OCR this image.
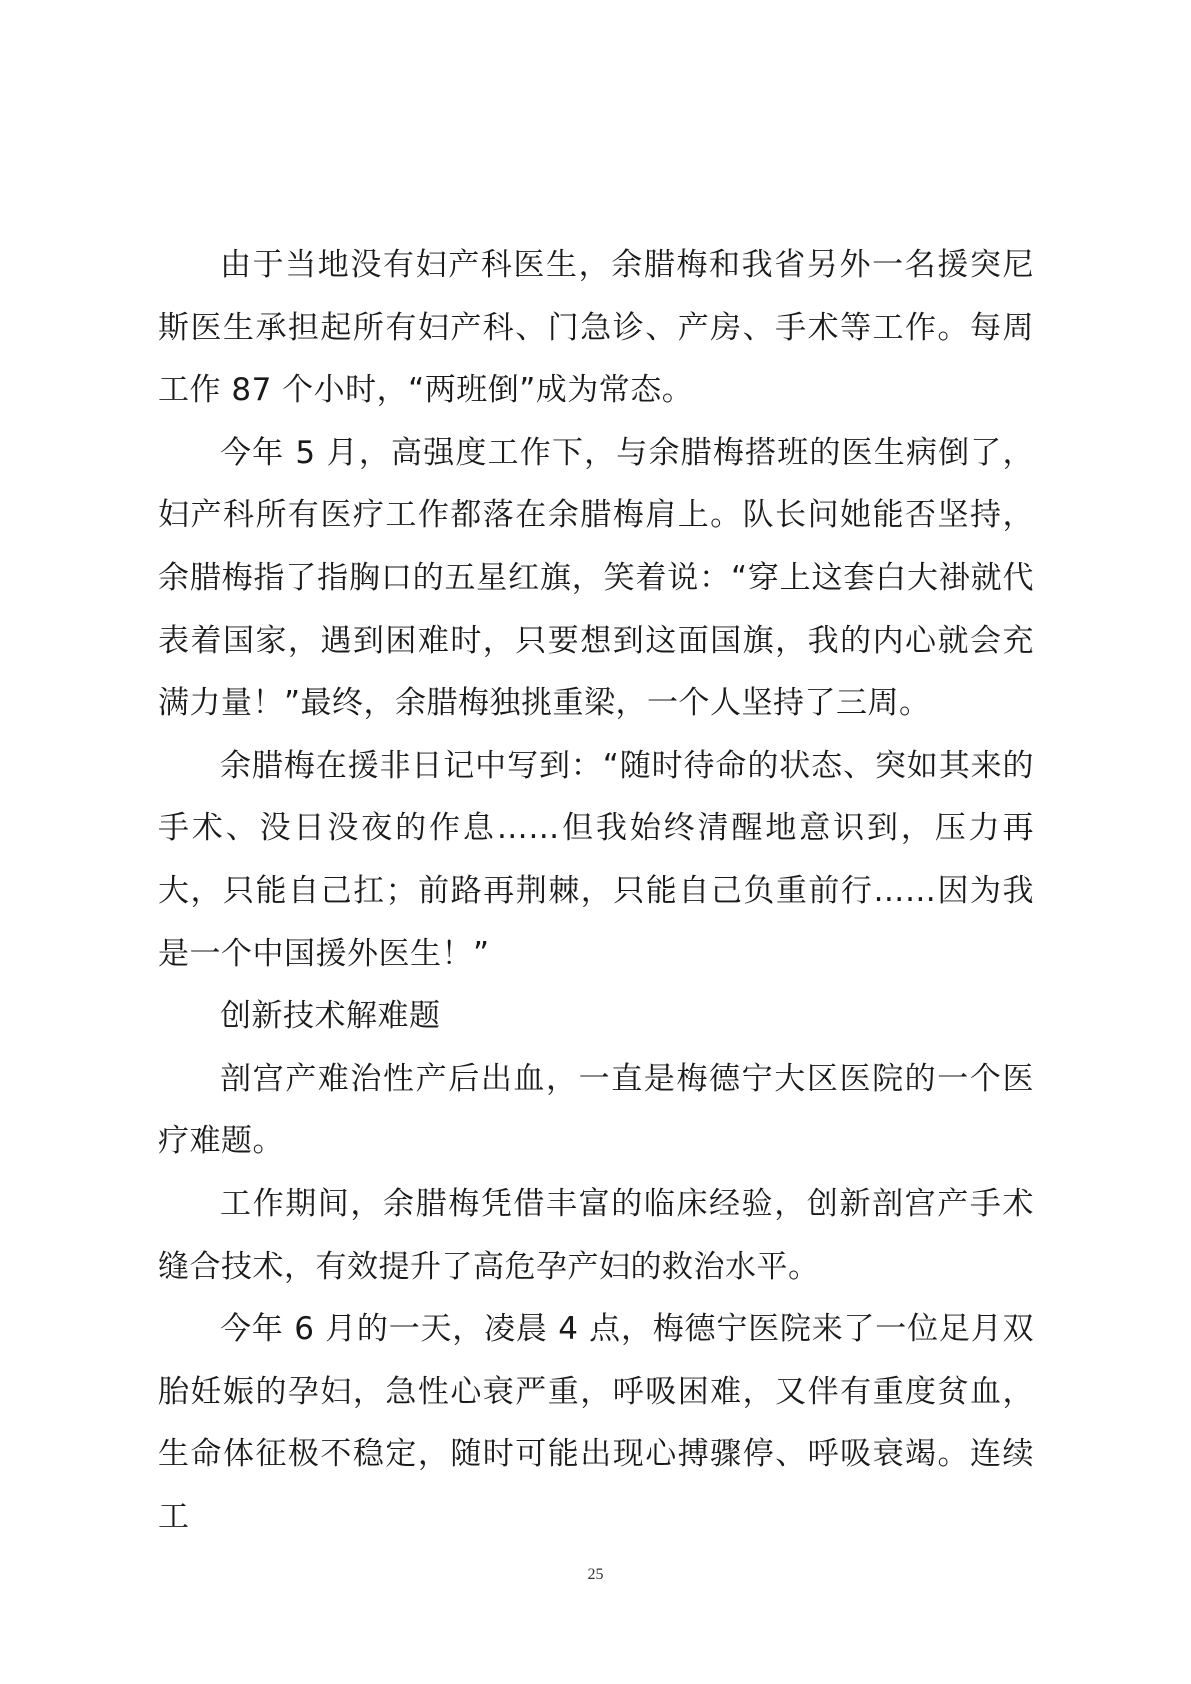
由于当地没有妇产科医生，余腊梅和我省另外一名援突尼斯医生承担起所有妇产科、门急诊、产房、手术等工作。每周工作 87 个小时，“两班倒”成为常态。

今年 5 月，高强度工作下，与余腊梅搭班的医生病倒了，妇产科所有医疗工作都落在余腊梅肩上。队长问她能否坚持，余腊梅指了指胸口的五星红旗，笑着说：“穿上这套白大褂就代表着国家，遇到困难时，只要想到这面国旗，我的内心就会充满力量！”最终，余腊梅独挑重梁，一个人坚持了三周。

余腊梅在援非日记中写到：“随时待命的状态、突如其来的手术、没日没夜的作息……但我始终清醒地意识到，压力再大，只能自己扛；前路再荆棘，只能自己负重前行……因为我是一个中国援外医生！”

创新技术解难题

剖宫产难治性产后出血，一直是梅德宁大区医院的一个医疗难题。

工作期间，余腊梅凭借丰富的临床经验，创新剖宫产手术缝合技术，有效提升了高危孕产妇的救治水平。

今年 6 月的一天，凌晨 4 点，梅德宁医院来了一位足月双胎妊娠的孕妇，急性心衰严重，呼吸困难，又伴有重度贫血，生命体征极不稳定，随时可能出现心搏骤停、呼吸衰竭。连续工

25
